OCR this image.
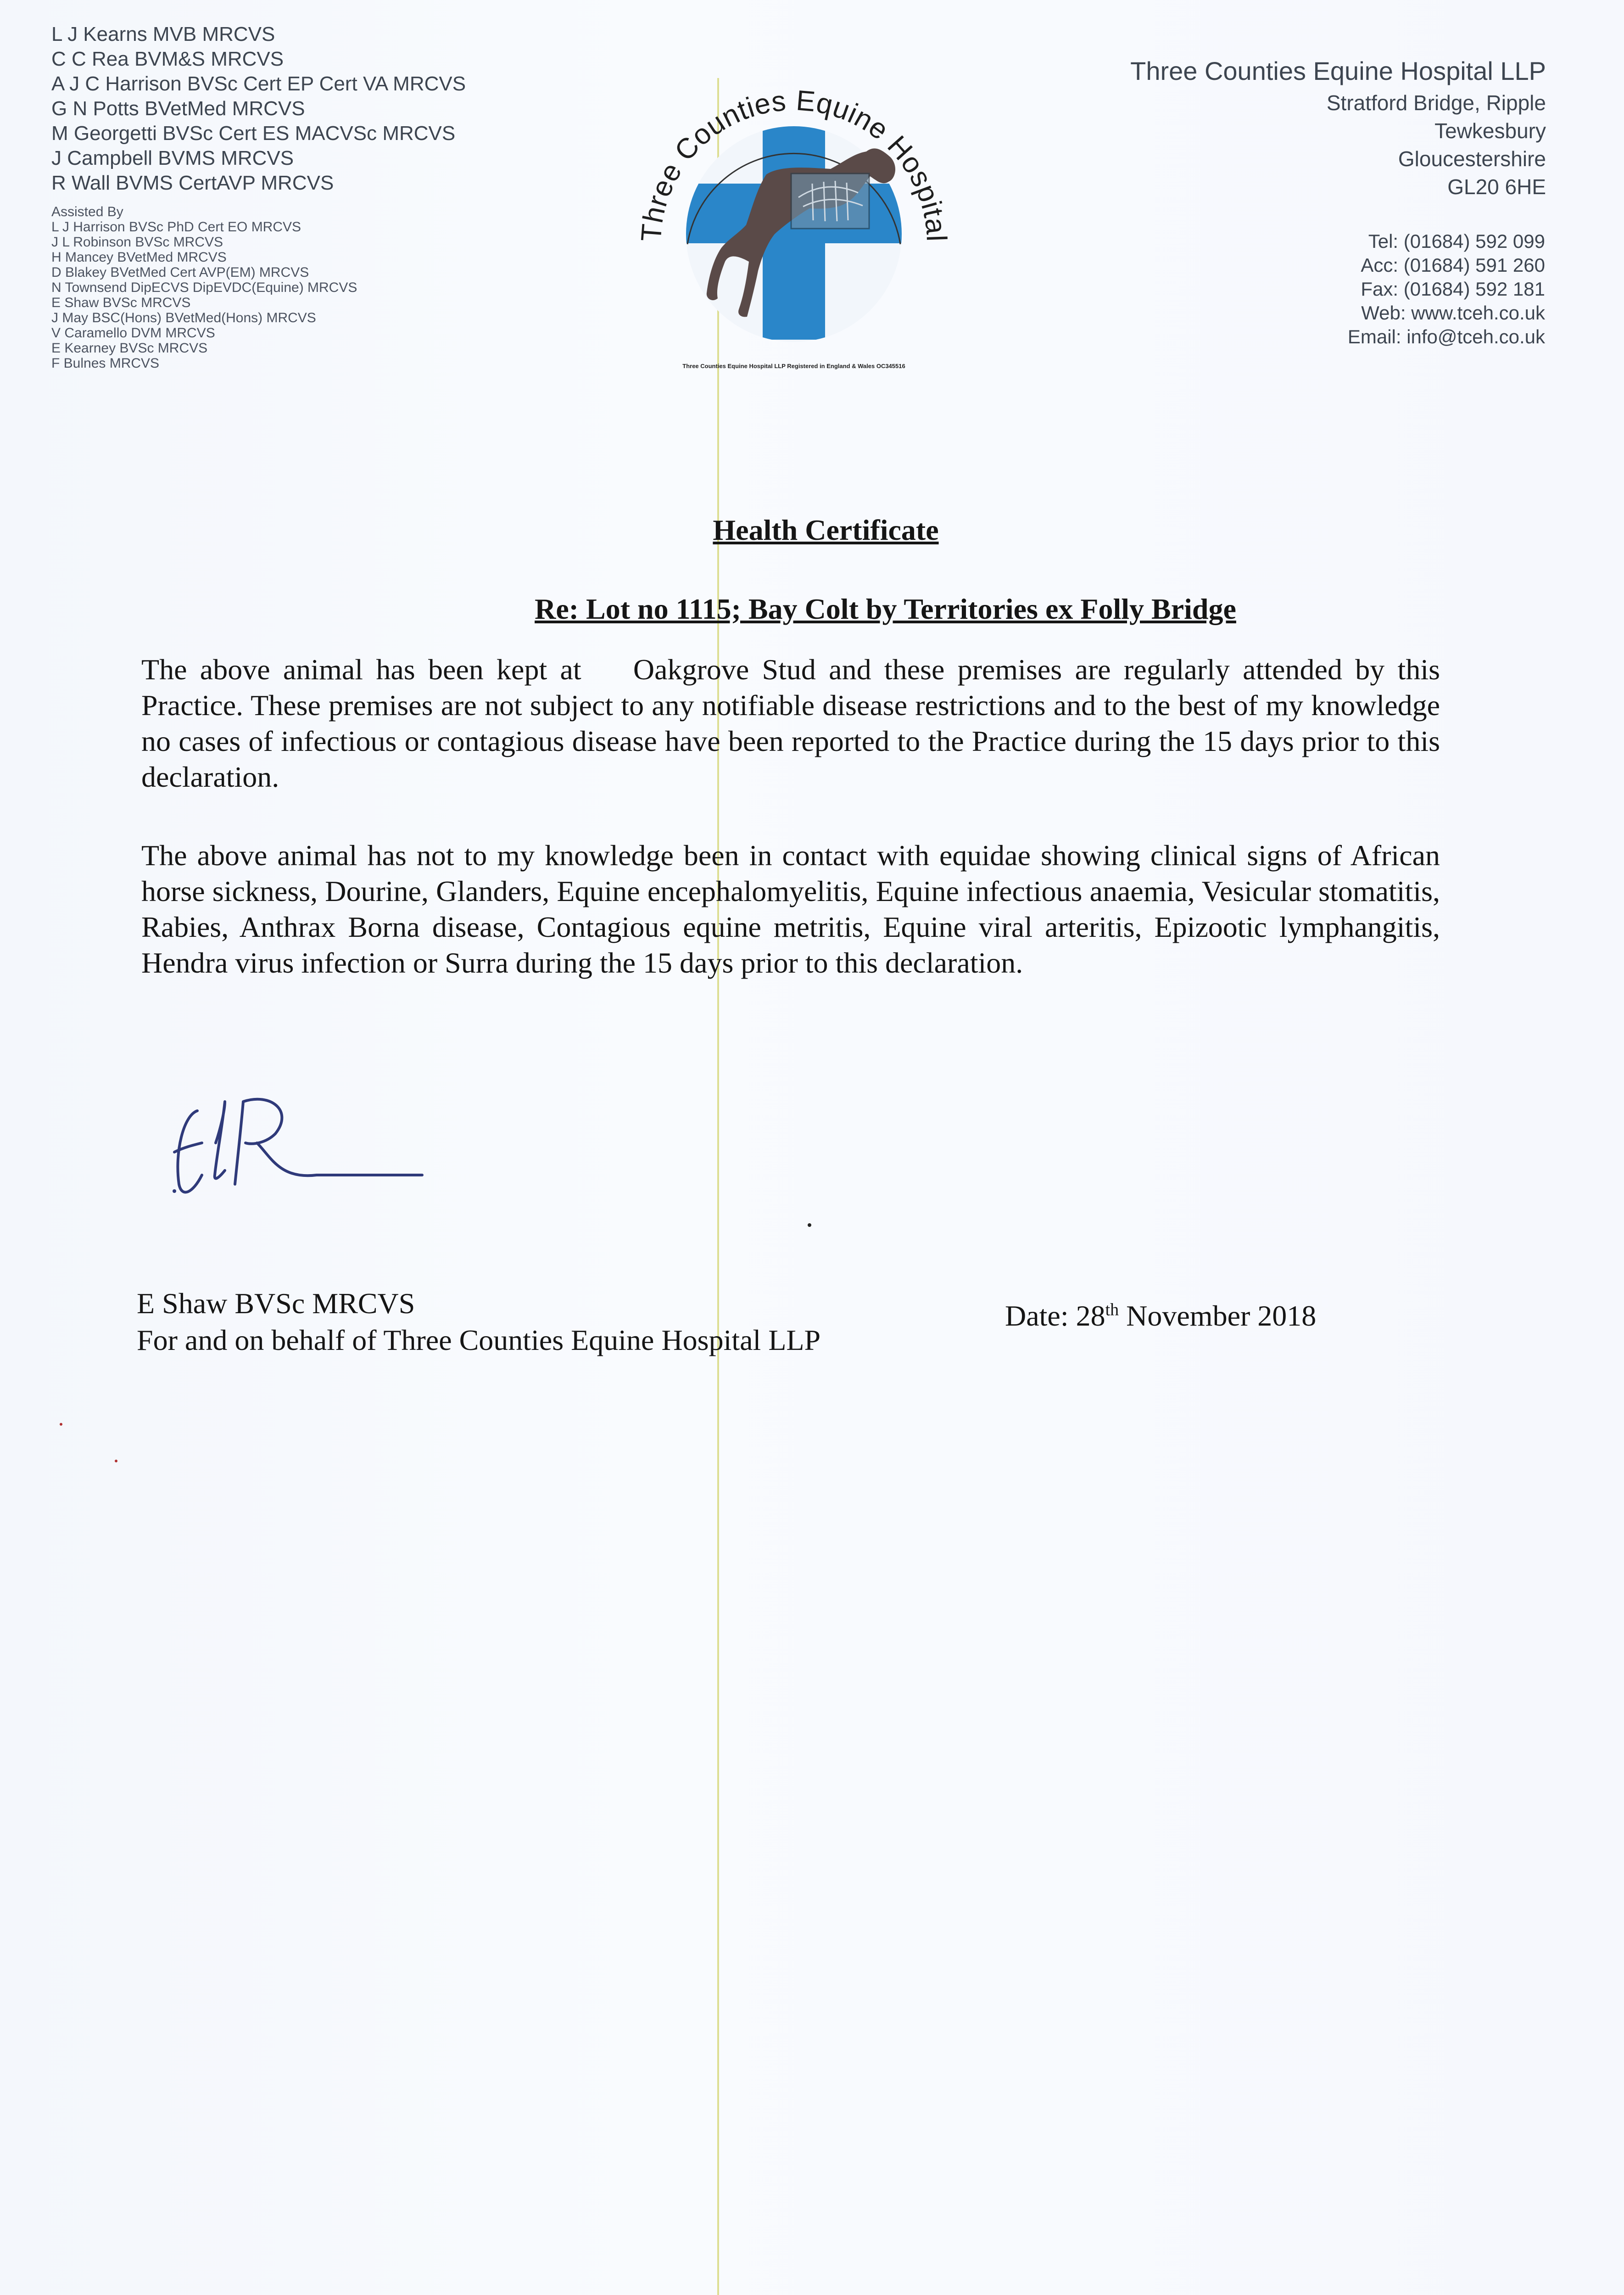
L J Kearns MVB MRCVS
C C Rea BVM&S MRCVS
A J C Harrison BVSc Cert EP Cert VA MRCVS
G N Potts BVetMed MRCVS
M Georgetti BVSc Cert ES MACVSc MRCVS
J Campbell BVMS MRCVS
R Wall BVMS CertAVP MRCVS
Assisted By
L J Harrison BVSc PhD Cert EO MRCVS
J L Robinson BVSc MRCVS
H Mancey BVetMed MRCVS
D Blakey BVetMed Cert AVP(EM) MRCVS
N Townsend DipECVS DipEVDC(Equine) MRCVS
E Shaw BVSc MRCVS
J May BSC(Hons) BVetMed(Hons) MRCVS
V Caramello DVM MRCVS
E Kearney BVSc MRCVS
F Bulnes MRCVS
Three Counties Equine Hospital
Three Counties Equine Hospital LLP Registered in England & Wales OC345516
Three Counties Equine Hospital LLP
Stratford Bridge, Ripple
Tewkesbury
Gloucestershire
GL20 6HE
Tel: (01684) 592 099
Acc: (01684) 591 260
Fax: (01684) 592 181
Web: www.tceh.co.uk
Email: info@tceh.co.uk
Health Certificate
Re: Lot no 1115; Bay Colt by Territories ex Folly Bridge
The above animal has been kept at    Oakgrove Stud and these premises are regularly attended by this Practice. These premises are not subject to any notifiable disease restrictions and to the best of my knowledge no cases of infectious or contagious disease have been reported to the Practice during the 15 days prior to this declaration.
The above animal has not to my knowledge been in contact with equidae showing clinical signs of African horse sickness, Dourine, Glanders, Equine encephalomyelitis, Equine infectious anaemia, Vesicular stomatitis, Rabies, Anthrax Borna disease, Contagious equine metritis, Equine viral arteritis, Epizootic lymphangitis, Hendra virus infection or Surra during the 15 days prior to this declaration.
E Shaw BVSc MRCVS
For and on behalf of Three Counties Equine Hospital LLP
Date: 28th November 2018
